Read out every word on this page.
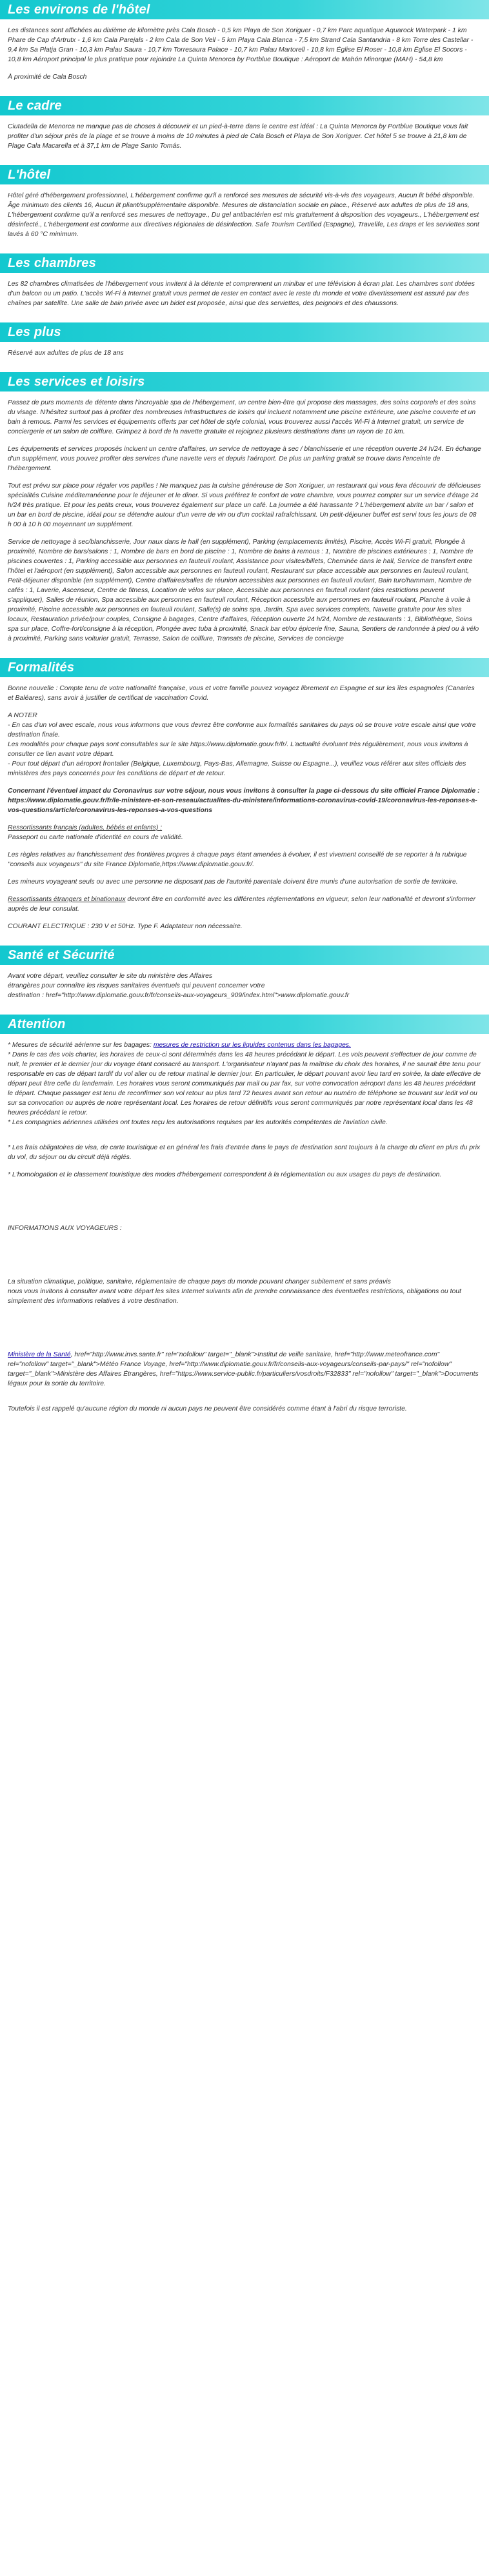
Les environs de l'hôtel

Les distances sont affichées au dixième de kilomètre près Cala Bosch - 0,5 km Playa de Son Xoriguer - 0,7 km Parc aquatique Aquarock Waterpark - 1 km Phare de Cap d'Artrutx - 1,6 km Cala Parejals - 2 km Cala de Son Vell - 5 km Playa Cala Blanca - 7,5 km Strand Cala Santandria - 8 km Torre des Castellar - 9,4 km Sa Platja Gran - 10,3 km Palau Saura - 10,7 km Torresaura Palace - 10,7 km Palau Martorell - 10,8 km Église El Roser - 10,8 km Église El Socors - 10,8 km Aéroport principal le plus pratique pour rejoindre La Quinta Menorca by Portblue Boutique : Aéroport de Mahón Minorque (MAH) - 54,8 km

À proximité de Cala Bosch

Le cadre

Ciutadella de Menorca ne manque pas de choses à découvrir et un pied-à-terre dans le centre est idéal : La Quinta Menorca by Portblue Boutique vous fait profiter d'un séjour près de la plage et se trouve à moins de 10 minutes à pied de Cala Bosch et Playa de Son Xoriguer. Cet hôtel 5 se trouve à 21,8 km de Plage Cala Macarella et à 37,1 km de Plage Santo Tomás.

L'hôtel

Hôtel géré d'hébergement professionnel, L'hébergement confirme qu'il a renforcé ses mesures de sécurité vis-à-vis des voyageurs, Aucun lit bébé disponible. Âge minimum des clients 16, Aucun lit pliant/supplémentaire disponible. Mesures de distanciation sociale en place., Réservé aux adultes de plus de 18 ans, L'hébergement confirme qu'il a renforcé ses mesures de nettoyage., Du gel antibactérien est mis gratuitement à disposition des voyageurs., L'hébergement est désinfecté., L'hébergement est conforme aux directives régionales de désinfection. Safe Tourism Certified (Espagne), Travelife, Les draps et les serviettes sont lavés à 60 °C minimum.

Les chambres

Les 82 chambres climatisées de l'hébergement vous invitent à la détente et comprennent un minibar et une télévision à écran plat. Les chambres sont dotées d'un balcon ou un patio. L'accès Wi-Fi à Internet gratuit vous permet de rester en contact avec le reste du monde et votre divertissement est assuré par des chaînes par satellite. Une salle de bain privée avec un bidet est proposée, ainsi que des serviettes, des peignoirs et des chaussons.

Les plus

Réservé aux adultes de plus de 18 ans

Les services et loisirs

Passez de purs moments de détente dans l'incroyable spa de l'hébergement, un centre bien-être qui propose des massages, des soins corporels et des soins du visage. N'hésitez surtout pas à profiter des nombreuses infrastructures de loisirs qui incluent notamment une piscine extérieure, une piscine couverte et un bain à remous. Parmi les services et équipements offerts par cet hôtel de style colonial, vous trouverez aussi l'accès Wi-Fi à Internet gratuit, un service de conciergerie et un salon de coiffure. Grimpez à bord de la navette gratuite et rejoignez plusieurs destinations dans un rayon de 10 km.

Les équipements et services proposés incluent un centre d'affaires, un service de nettoyage à sec / blanchisserie et une réception ouverte 24 h/24. En échange d'un supplément, vous pouvez profiter des services d'une navette vers et depuis l'aéroport. De plus un parking gratuit se trouve dans l'enceinte de l'hébergement.

Tout est prévu sur place pour régaler vos papilles ! Ne manquez pas la cuisine généreuse de Son Xoriguer, un restaurant qui vous fera découvrir de délicieuses spécialités Cuisine méditerranéenne pour le déjeuner et le dîner. Si vous préférez le confort de votre chambre, vous pourrez compter sur un service d'étage 24 h/24 très pratique. Et pour les petits creux, vous trouverez également sur place un café. La journée a été harassante ? L'hébergement abrite un bar / salon et un bar en bord de piscine, idéal pour se détendre autour d'un verre de vin ou d'un cocktail rafraîchissant. Un petit-déjeuner buffet est servi tous les jours de 08 h 00 à 10 h 00 moyennant un supplément.

Service de nettoyage à sec/blanchisserie, Jour naux dans le hall (en supplément), Parking (emplacements limités), Piscine, Accès Wi-Fi gratuit, Plongée à proximité, Nombre de bars/salons : 1, Nombre de bars en bord de piscine : 1, Nombre de bains à remous : 1, Nombre de piscines extérieures : 1, Nombre de piscines couvertes : 1, Parking accessible aux personnes en fauteuil roulant, Assistance pour visites/billets, Cheminée dans le hall, Service de transfert entre l'hôtel et l'aéroport (en supplément), Salon accessible aux personnes en fauteuil roulant, Restaurant sur place accessible aux personnes en fauteuil roulant, Petit-déjeuner disponible (en supplément), Centre d'affaires/salles de réunion accessibles aux personnes en fauteuil roulant, Bain turc/hammam, Nombre de cafés : 1, Laverie, Ascenseur, Centre de fitness, Location de vélos sur place, Accessible aux personnes en fauteuil roulant (des restrictions peuvent s'appliquer), Salles de réunion, Spa accessible aux personnes en fauteuil roulant, Réception accessible aux personnes en fauteuil roulant, Planche à voile à proximité, Piscine accessible aux personnes en fauteuil roulant, Salle(s) de soins spa, Jardin, Spa avec services complets, Navette gratuite pour les sites locaux, Restauration privée/pour couples, Consigne à bagages, Centre d'affaires, Réception ouverte 24 h/24, Nombre de restaurants : 1, Bibliothèque, Soins spa sur place, Coffre-fort/consigne à la réception, Plongée avec tuba à proximité, Snack bar et/ou épicerie fine, Sauna, Sentiers de randonnée à pied ou à vélo à proximité, Parking sans voiturier gratuit, Terrasse, Salon de coiffure, Transats de piscine, Services de concierge

Formalités

Bonne nouvelle : Compte tenu de votre nationalité française, vous et votre famille pouvez voyagez librement en Espagne et sur les îles espagnoles (Canaries et Baléares), sans avoir à justifier de certificat de vaccination Covid.

A NOTER

- En cas d'un vol avec escale, nous vous informons que vous devrez être conforme aux formalités sanitaires du pays où se trouve votre escale ainsi que votre destination finale.

Les modalités pour chaque pays sont consultables sur le site https://www.diplomatie.gouv.fr/fr/. L'actualité évoluant très régulièrement, nous vous invitons à consulter ce lien avant votre départ.

- Pour tout départ d'un aéroport frontalier (Belgique, Luxembourg, Pays-Bas, Allemagne, Suisse ou Espagne...), veuillez vous référer aux sites officiels des ministères des pays concernés pour les conditions de départ et de retour.

Concernant l'éventuel impact du Coronavirus sur votre séjour, nous vous invitons à consulter la page ci-dessous du site officiel France Diplomatie : https://www.diplomatie.gouv.fr/fr/le-ministere-et-son-reseau/actualites-du-ministere/informations-coronavirus-covid-19/coronavirus-les-reponses-a-vos-questions/article/coronavirus-les-reponses-a-vos-questions

Ressortissants français (adultes, bébés et enfants) :

Passeport ou carte nationale d'identité en cours de validité.

Les règles relatives au franchissement des frontières propres à chaque pays étant amenées à évoluer, il est vivement conseillé de se reporter à la rubrique "conseils aux voyageurs" du site France Diplomatie,https://www.diplomatie.gouv.fr/.

Les mineurs voyageant seuls ou avec une personne ne disposant pas de l'autorité parentale doivent être munis d'une autorisation de sortie de territoire.

Ressortissants étrangers et binationaux devront être en conformité avec les différentes réglementations en vigueur, selon leur nationalité et devront s'informer auprès de leur consulat.

COURANT ELECTRIQUE : 230 V et 50Hz. Type F. Adaptateur non nécessaire.

Santé et Sécurité

Avant votre départ, veuillez consulter le site du ministère des Affaires

étrangères pour connaître les risques sanitaires éventuels qui peuvent concerner votre

destination : href="http://www.diplomatie.gouv.fr/fr/conseils-aux-voyageurs_909/index.html">www.diplomatie.gouv.fr

Attention

* Mesures de sécurité aérienne sur les bagages: mesures de restriction sur les liquides contenus dans les bagages.

* Dans le cas des vols charter, les horaires de ceux-ci sont déterminés dans les 48 heures précédant le départ. Les vols peuvent s'effectuer de jour comme de nuit, le premier et le dernier jour du voyage étant consacré au transport. L'organisateur n'ayant pas la maîtrise du choix des horaires, il ne saurait être tenu pour responsable en cas de départ tardif du vol aller ou de retour matinal le dernier jour. En particulier, le départ pouvant avoir lieu tard en soirée, la date effective de départ peut être celle du lendemain. Les horaires vous seront communiqués par mail ou par fax, sur votre convocation aéroport dans les 48 heures précédant le départ. Chaque passager est tenu de reconfirmer son vol retour au plus tard 72 heures avant son retour au numéro de téléphone se trouvant sur ledit vol ou sur sa convocation ou auprès de notre représentant local. Les horaires de retour définitifs vous seront communiqués par notre représentant local dans les 48 heures précédant le retour.

* Les compagnies aériennes utilisées ont toutes reçu les autorisations requises par les autorités compétentes de l'aviation civile.

* Les frais obligatoires de visa, de carte touristique et en général les frais d'entrée dans le pays de destination sont toujours à la charge du client en plus du prix du vol, du séjour ou du circuit déjà réglés.

* L'homologation et le classement touristique des modes d'hébergement correspondent à la réglementation ou aux usages du pays de destination.

INFORMATIONS AUX VOYAGEURS :

La situation climatique, politique, sanitaire, réglementaire de chaque pays du monde pouvant changer subitement et sans préavis

nous vous invitons à consulter avant votre départ les sites Internet suivants afin de prendre connaissance des éventuelles restrictions, obligations ou tout simplement des informations relatives à votre destination.

Ministère de la Santé, href="http://www.invs.sante.fr" rel="nofollow" target="_blank">Institut de veille sanitaire, href="http://www.meteofrance.com" rel="nofollow" target="_blank">Météo France Voyage, href="http://www.diplomatie.gouv.fr/fr/conseils-aux-voyageurs/conseils-par-pays/" rel="nofollow" target="_blank">Ministère des Affaires Étrangères, href="https://www.service-public.fr/particuliers/vosdroits/F32833" rel="nofollow" target="_blank">Documents légaux pour la sortie du territoire.

Toutefois il est rappelé qu'aucune région du monde ni aucun pays ne peuvent être considérés comme étant à l'abri du risque terroriste.
